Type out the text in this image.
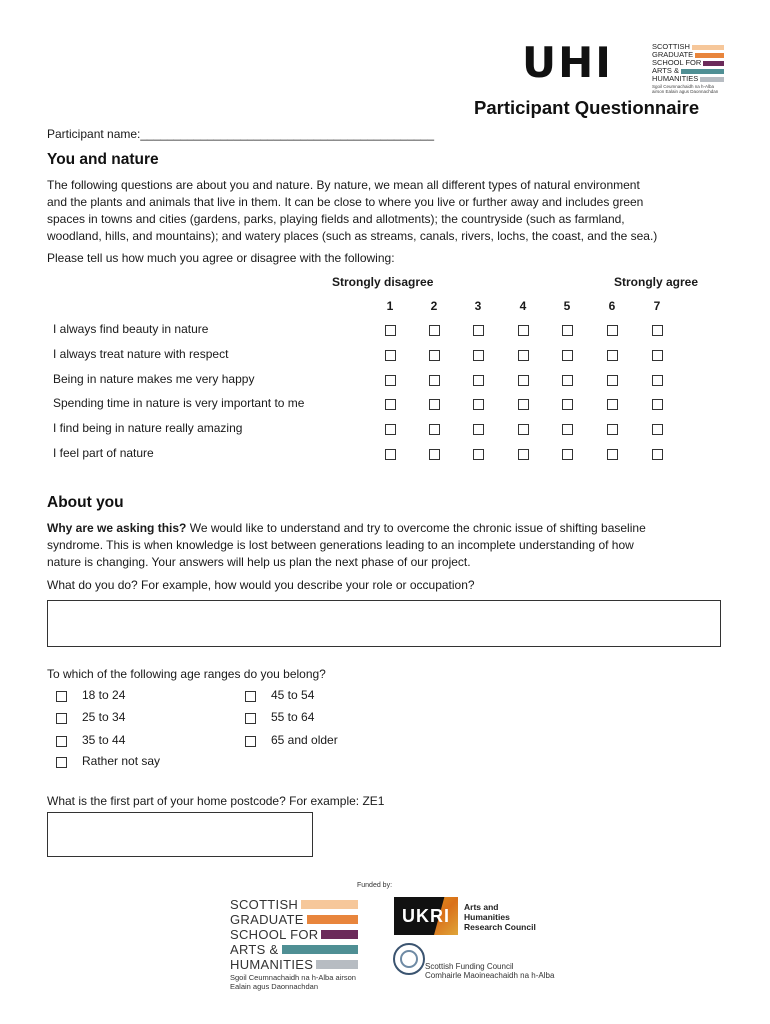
UHI	SCOTTISH
GRADUATE
SCHOOL FOR
ARTS &
HUMANITIES
Sgoil Ceumnachaidh na h-Alba airson Ealain agus Daonnachdan
Participant Questionnaire
Participant name:____________________________________________
You and nature
The following questions are about you and nature. By nature, we mean all different types of natural environment
and the plants and animals that live in them. It can be close to where you live or further away and includes green
spaces in towns and cities (gardens, parks, playing fields and allotments); the countryside (such as farmland,
woodland, hills, and mountains); and watery places (such as streams, canals, rivers, lochs, the coast, and the sea.)
Please tell us how much you agree or disagree with the following:
Strongly disagree	Strongly agree
1	2	3	4	5	6	7
I always find beauty in nature
I always treat nature with respect
Being in nature makes me very happy
Spending time in nature is very important to me
I find being in nature really amazing
I feel part of nature
About you
Why are we asking this? We would like to understand and try to overcome the chronic issue of shifting baseline
syndrome. This is when knowledge is lost between generations leading to an incomplete understanding of how
nature is changing. Your answers will help us plan the next phase of our project.
What do you do? For example, how would you describe your role or occupation?
To which of the following age ranges do you belong?
18 to 24
25 to 34
35 to 44
Rather not say
45 to 54
55 to 64
65 and older
What is the first part of your home postcode? For example: ZE1
Funded by:
SCOTTISH
GRADUATE
SCHOOL FOR
ARTS &
HUMANITIES
Sgoil Ceumnachaidh na h-Alba airson
Ealain agus Daonnachdan
UKRI Arts and
Humanities
Research Council
Scottish Funding Council
Comhairle Maoineachaidh na h-Alba
